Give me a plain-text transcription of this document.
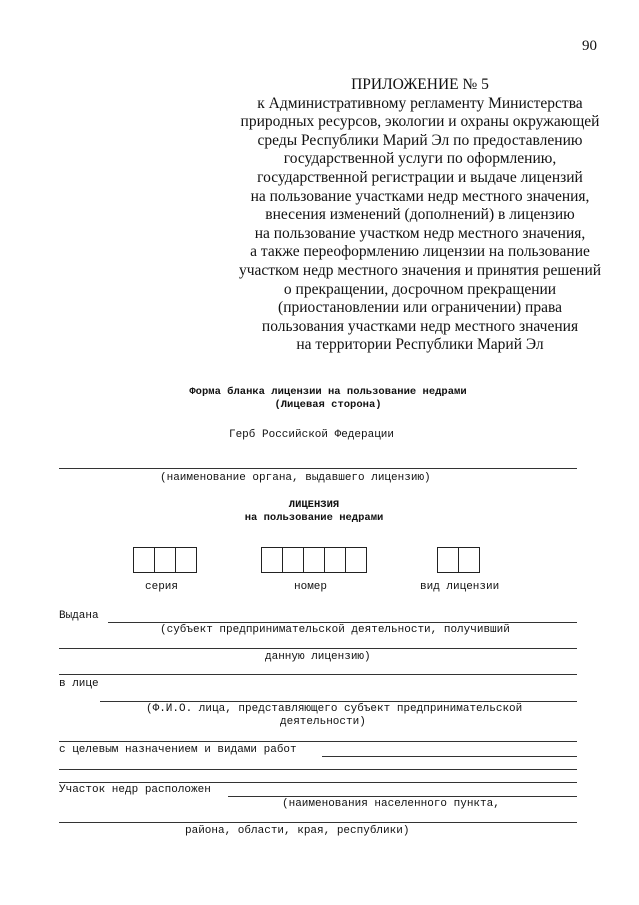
90
ПРИЛОЖЕНИЕ № 5
к Административному регламенту Министерства
природных ресурсов, экологии и охраны окружающей
среды Республики Марий Эл по предоставлению
государственной услуги по оформлению,
государственной регистрации и выдаче лицензий
на пользование участками недр местного значения,
внесения изменений (дополнений) в лицензию
на пользование участком недр местного значения,
а также переоформлению лицензии на пользование
участком недр местного значения и принятия решений
о прекращении, досрочном прекращении
(приостановлении или ограничении) права
пользования участками недр местного значения
на территории Республики Марий Эл
Форма бланка лицензии на пользование недрами
(Лицевая сторона)
Герб Российской Федерации
(наименование органа, выдавшего лицензию)
ЛИЦЕНЗИЯ
на пользование недрами
серия	номер	вид лицензии
Выдана
(субъект предпринимательской деятельности, получивший
данную лицензию)
в лице
(Ф.И.О. лица, представляющего субъект предпринимательской
деятельности)
с целевым назначением и видами работ
Участок недр расположен
(наименования населенного пункта,
района, области, края, республики)
